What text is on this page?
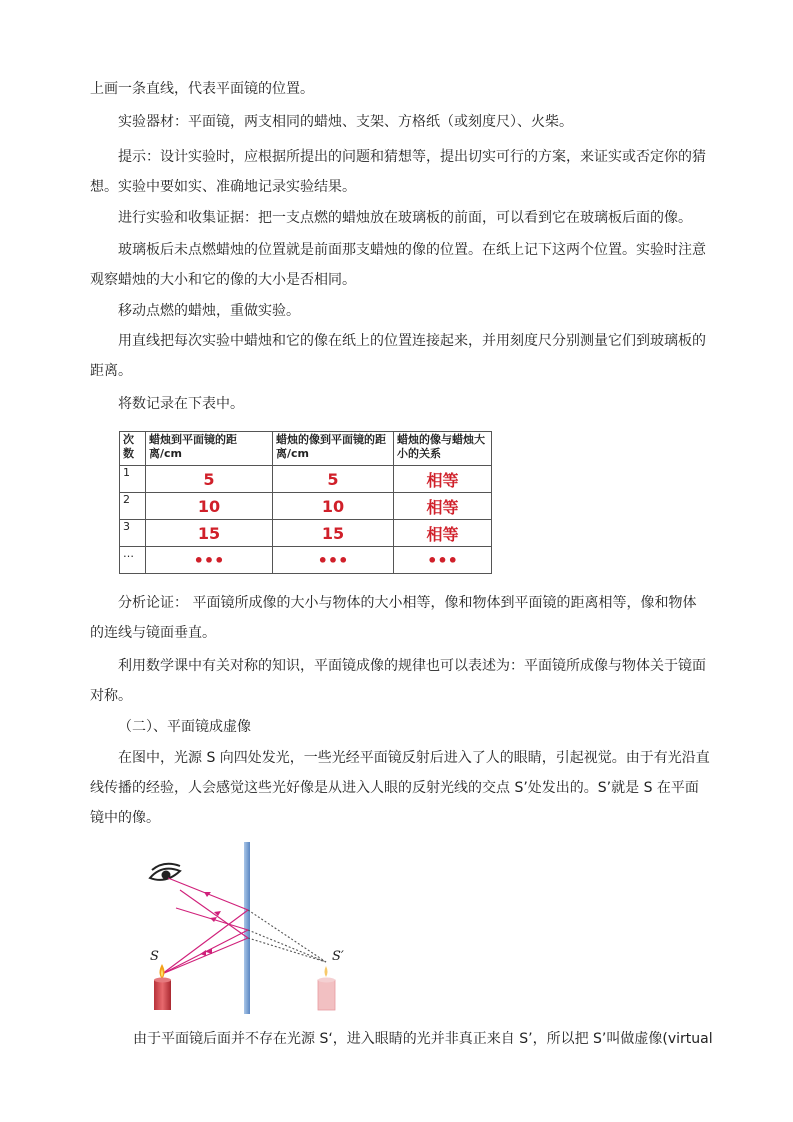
上画一条直线，代表平面镜的位置。
实验器材：平面镜，两支相同的蜡烛、支架、方格纸（或刻度尺）、火柴。
提示：设计实验时，应根据所提出的问题和猜想等，提出切实可行的方案，来证实或否定你的猜想。实验中要如实、准确地记录实验结果。
进行实验和收集证据：把一支点燃的蜡烛放在玻璃板的前面，可以看到它在玻璃板后面的像。
玻璃板后未点燃蜡烛的位置就是前面那支蜡烛的像的位置。在纸上记下这两个位置。实验时注意观察蜡烛的大小和它的像的大小是否相同。
移动点燃的蜡烛，重做实验。
用直线把每次实验中蜡烛和它的像在纸上的位置连接起来，并用刻度尺分别测量它们到玻璃板的距离。
将数记录在下表中。
次数	蜡烛到平面镜的距离/cm	蜡烛的像到平面镜的距离/cm	蜡烛的像与蜡烛大小的关系
1	5	5	相等
2	10	10	相等
3	15	15	相等
…	•••	•••	•••
分析论证： 平面镜所成像的大小与物体的大小相等，像和物体到平面镜的距离相等，像和物体的连线与镜面垂直。
利用数学课中有关对称的知识，平面镜成像的规律也可以表述为：平面镜所成像与物体关于镜面对称。
（二）、平面镜成虚像
在图中，光源 S 向四处发光，一些光经平面镜反射后进入了人的眼睛，引起视觉。由于有光沿直线传播的经验，人会感觉这些光好像是从进入人眼的反射光线的交点 S’处发出的。S’就是 S 在平面镜中的像。
S	S′
由于平面镜后面并不存在光源 S‘，进入眼睛的光并非真正来自 S’，所以把 S’叫做虚像(virtual
